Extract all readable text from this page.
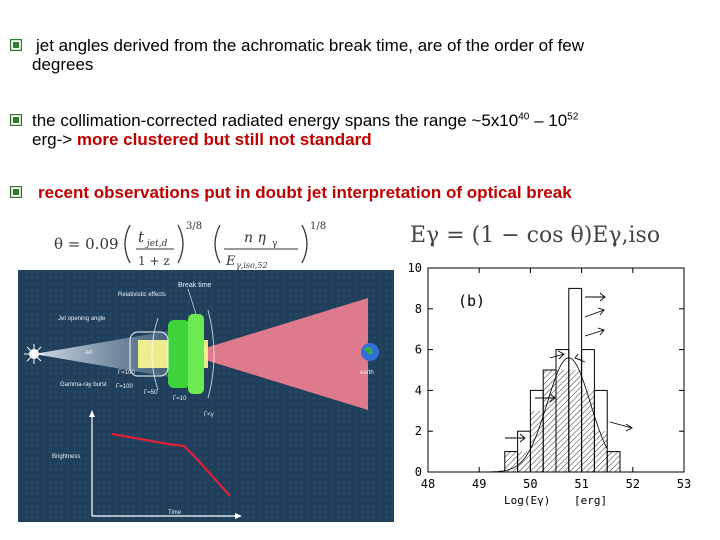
jet angles derived from the achromatic break time, are of the order of few
degrees
the collimation-corrected radiated energy spans the range $\sim 5x10^{40} - 10^{52}$
erg-> more clustered but still not standard
recent observations put in doubt jet interpretation of optical break
θ = 0.09 t jet,d
1 + z
3/8
n η γ
E γ,iso,52
1/8	Eγ = (1 − cos θ)Eγ,iso
Break time
Relativistic effects
Jet opening angle
Jet
Gamma-ray burst
Γ=100
Γ=100
Γ=50
Γ=10
Γ<γ
earth
Brightness
Time
0
2
4
6
8
10
48	49	50	51	52	53
(b)
Log(Eγ) [erg]
